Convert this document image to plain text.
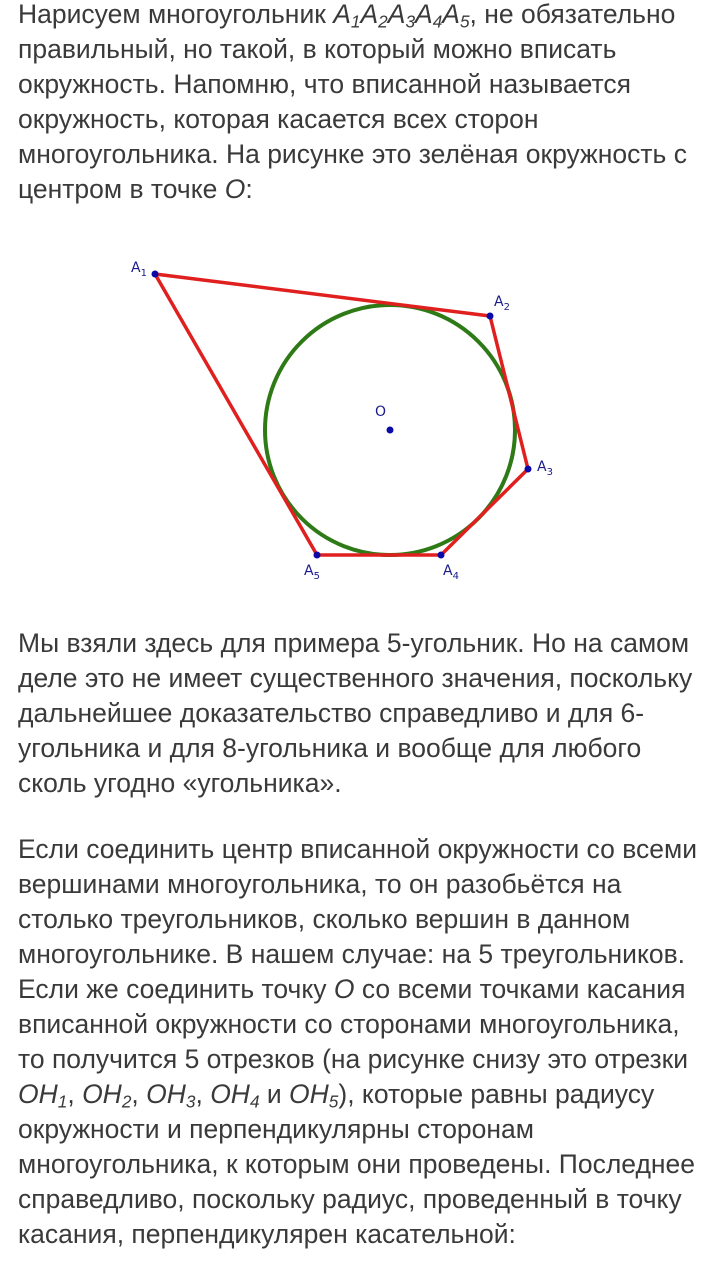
Нарисуем многоугольник $A_1A_2A_3A_4A_5$, не обязательно правильный, но такой, в который можно вписать окружность. Напомню, что вписанной называется окружность, которая касается всех сторон многоугольника. На рисунке это зелёная окружность с центром в точке O:

O
$A_1$
$A_2$
$A_3$
$A_4$
$A_5$

Мы взяли здесь для примера 5-угольник. Но на самом деле это не имеет существенного значения, поскольку дальнейшее доказательство справедливо и для 6-угольника и для 8-угольника и вообще для любого сколь угодно «угольника».

Если соединить центр вписанной окружности со всеми вершинами многоугольника, то он разобьётся на столько треугольников, сколько вершин в данном многоугольнике. В нашем случае: на 5 треугольников. Если же соединить точку O со всеми точками касания вписанной окружности со сторонами многоугольника, то получится 5 отрезков (на рисунке снизу это отрезки $OH_1$, $OH_2$, $OH_3$, $OH_4$ и $OH_5$), которые равны радиусу окружности и перпендикулярны сторонам многоугольника, к которым они проведены. Последнее справедливо, поскольку радиус, проведенный в точку касания, перпендикулярен касательной:
